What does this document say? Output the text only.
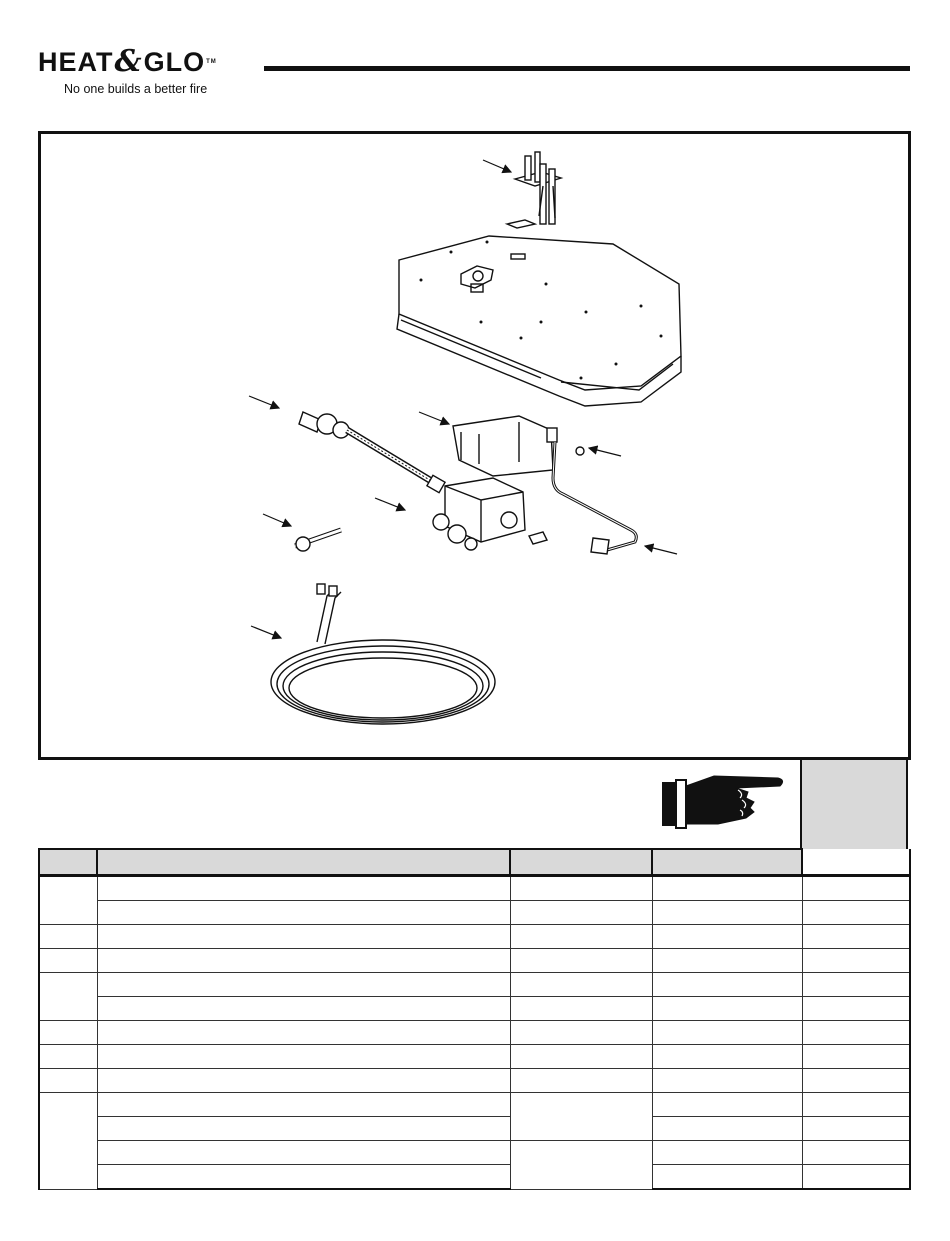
HEAT&GLOTM
No one builds a better fire
